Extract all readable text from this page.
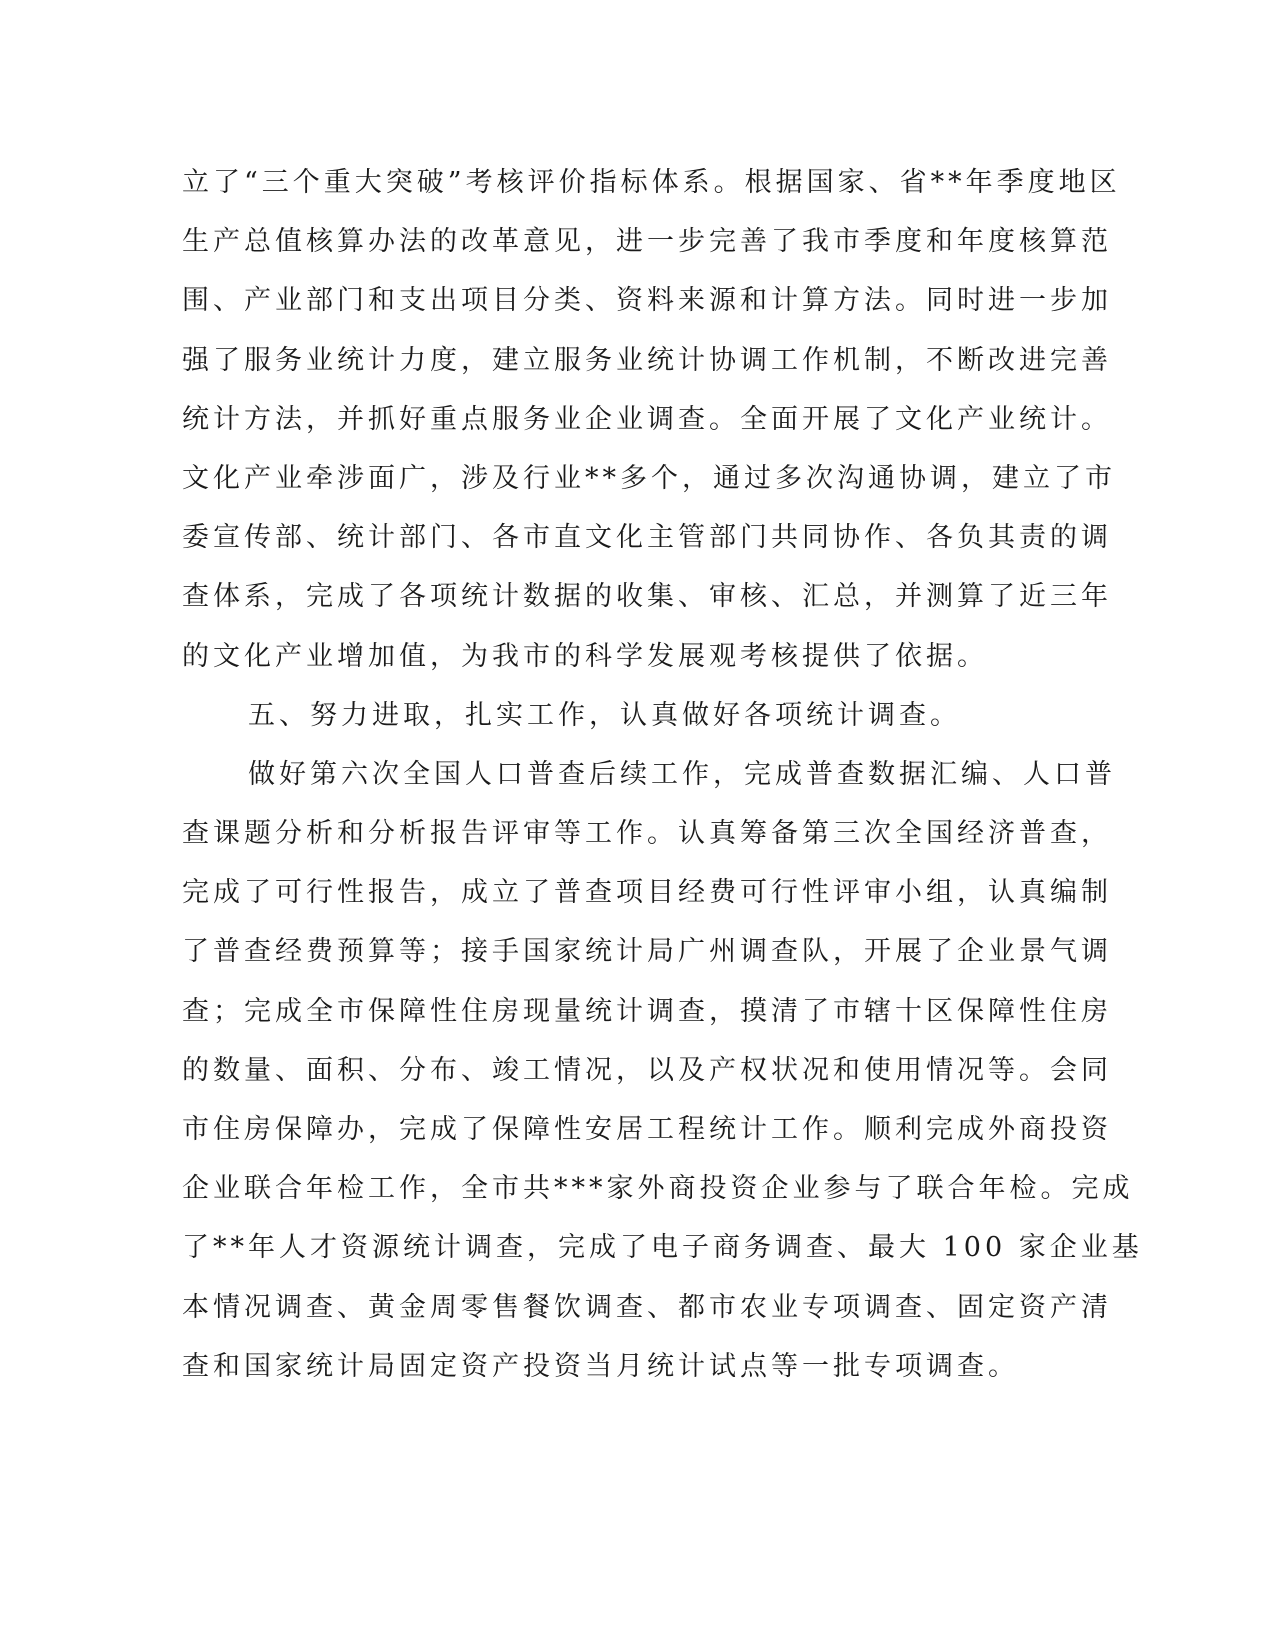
立了“三个重大突破”考核评价指标体系。根据国家、省**年季度地区
生产总值核算办法的改革意见，进一步完善了我市季度和年度核算范
围、产业部门和支出项目分类、资料来源和计算方法。同时进一步加
强了服务业统计力度，建立服务业统计协调工作机制，不断改进完善
统计方法，并抓好重点服务业企业调查。全面开展了文化产业统计。
文化产业牵涉面广，涉及行业**多个，通过多次沟通协调，建立了市
委宣传部、统计部门、各市直文化主管部门共同协作、各负其责的调
查体系，完成了各项统计数据的收集、审核、汇总，并测算了近三年
的文化产业增加值，为我市的科学发展观考核提供了依据。
五、努力进取，扎实工作，认真做好各项统计调查。
做好第六次全国人口普查后续工作，完成普查数据汇编、人口普
查课题分析和分析报告评审等工作。认真筹备第三次全国经济普查，
完成了可行性报告，成立了普查项目经费可行性评审小组，认真编制
了普查经费预算等；接手国家统计局广州调查队，开展了企业景气调
查；完成全市保障性住房现量统计调查，摸清了市辖十区保障性住房
的数量、面积、分布、竣工情况，以及产权状况和使用情况等。会同
市住房保障办，完成了保障性安居工程统计工作。顺利完成外商投资
企业联合年检工作，全市共***家外商投资企业参与了联合年检。完成
了**年人才资源统计调查，完成了电子商务调查、最大 100 家企业基
本情况调查、黄金周零售餐饮调查、都市农业专项调查、固定资产清
查和国家统计局固定资产投资当月统计试点等一批专项调查。
